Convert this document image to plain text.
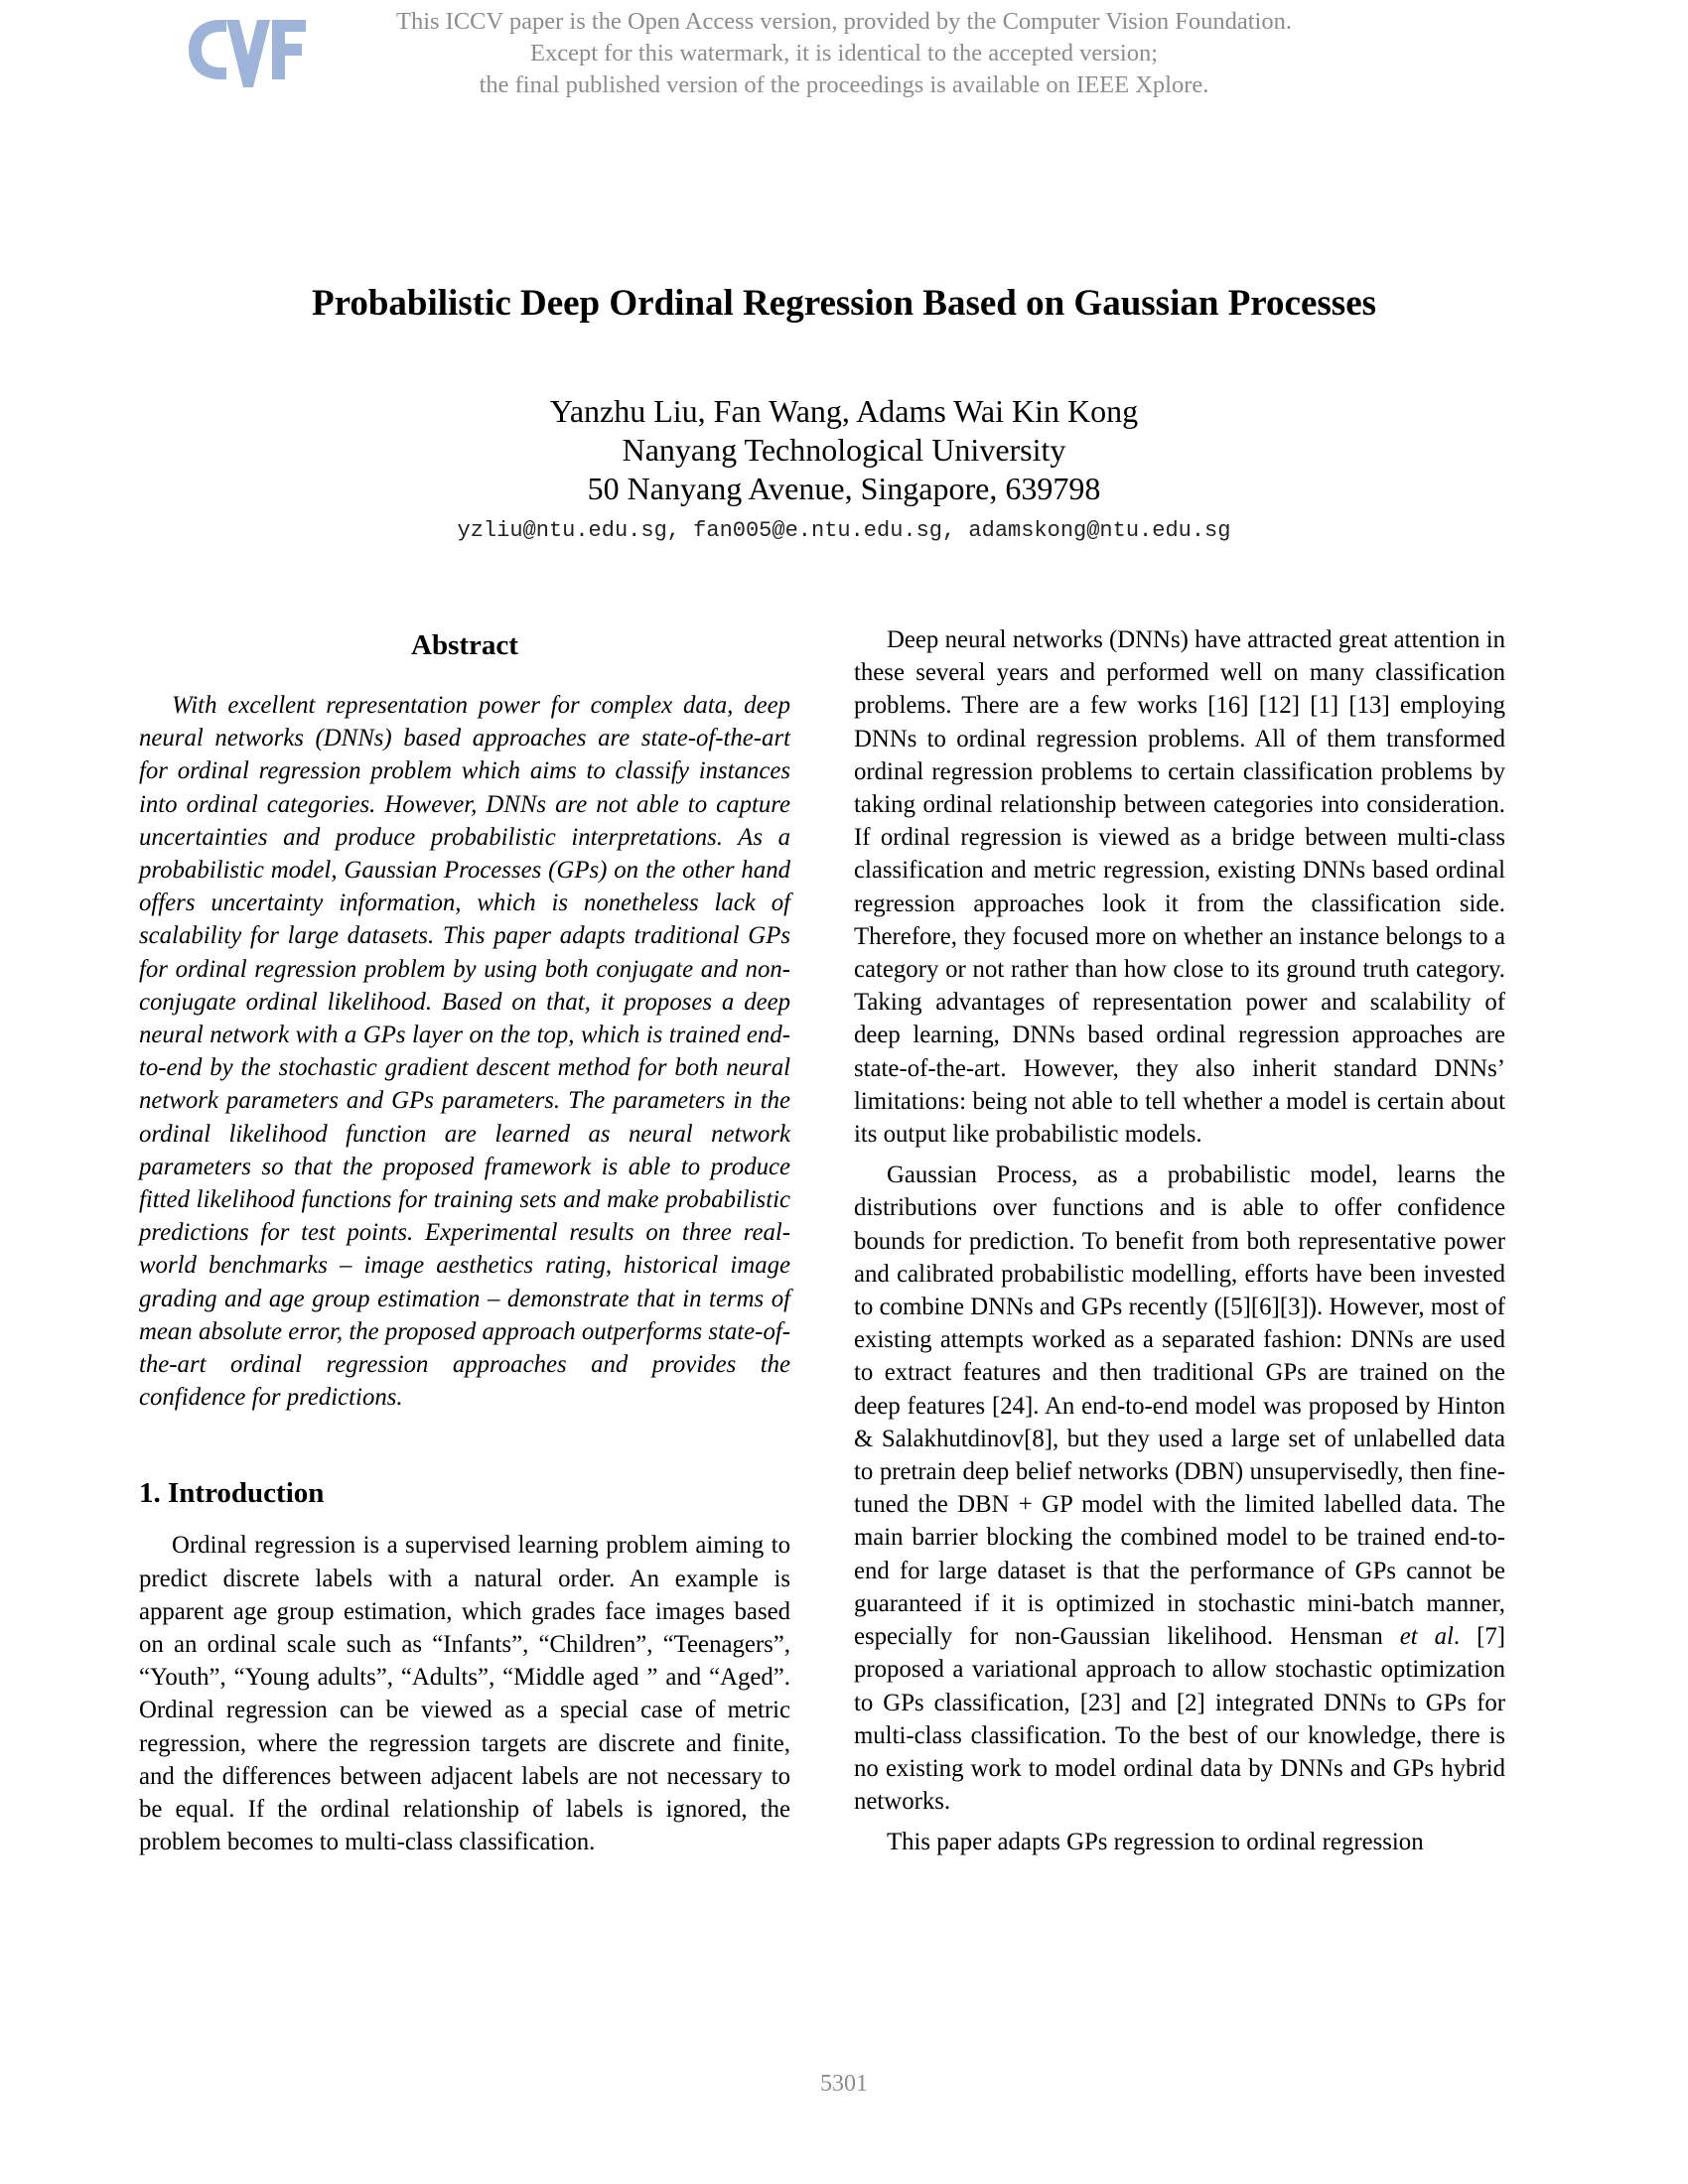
This ICCV paper is the Open Access version, provided by the Computer Vision Foundation.
Except for this watermark, it is identical to the accepted version;
the final published version of the proceedings is available on IEEE Xplore.
Probabilistic Deep Ordinal Regression Based on Gaussian Processes
Yanzhu Liu, Fan Wang, Adams Wai Kin Kong
Nanyang Technological University
50 Nanyang Avenue, Singapore, 639798
yzliu@ntu.edu.sg, fan005@e.ntu.edu.sg, adamskong@ntu.edu.sg
Abstract

With excellent representation power for complex data, deep neural networks (DNNs) based approaches are state-of-the-art for ordinal regression problem which aims to classify instances into ordinal categories. However, DNNs are not able to capture uncertainties and produce probabilistic interpretations. As a probabilistic model, Gaussian Processes (GPs) on the other hand offers uncertainty information, which is nonetheless lack of scalability for large datasets. This paper adapts traditional GPs for ordinal regression problem by using both conjugate and non-conjugate ordinal likelihood. Based on that, it proposes a deep neural network with a GPs layer on the top, which is trained end-to-end by the stochastic gradient descent method for both neural network parameters and GPs parameters. The parameters in the ordinal likelihood function are learned as neural network parameters so that the proposed framework is able to produce fitted likelihood functions for training sets and make probabilistic predictions for test points. Experimental results on three real-world benchmarks – image aesthetics rating, historical image grading and age group estimation – demonstrate that in terms of mean absolute error, the proposed approach outperforms state-of-the-art ordinal regression approaches and provides the confidence for predictions.

1. Introduction

Ordinal regression is a supervised learning problem aiming to predict discrete labels with a natural order. An example is apparent age group estimation, which grades face images based on an ordinal scale such as “Infants”, “Children”, “Teenagers”, “Youth”, “Young adults”, “Adults”, “Middle aged ” and “Aged”. Ordinal regression can be viewed as a special case of metric regression, where the regression targets are discrete and finite, and the differences between adjacent labels are not necessary to be equal. If the ordinal relationship of labels is ignored, the problem becomes to multi-class classification.

Deep neural networks (DNNs) have attracted great attention in these several years and performed well on many classification problems. There are a few works [16] [12] [1] [13] employing DNNs to ordinal regression problems. All of them transformed ordinal regression problems to certain classification problems by taking ordinal relationship between categories into consideration. If ordinal regression is viewed as a bridge between multi-class classification and metric regression, existing DNNs based ordinal regression approaches look it from the classification side. Therefore, they focused more on whether an instance belongs to a category or not rather than how close to its ground truth category. Taking advantages of representation power and scalability of deep learning, DNNs based ordinal regression approaches are state-of-the-art. However, they also inherit standard DNNs’ limitations: being not able to tell whether a model is certain about its output like probabilistic models.

Gaussian Process, as a probabilistic model, learns the distributions over functions and is able to offer confidence bounds for prediction. To benefit from both representative power and calibrated probabilistic modelling, efforts have been invested to combine DNNs and GPs recently ([5][6][3]). However, most of existing attempts worked as a separated fashion: DNNs are used to extract features and then traditional GPs are trained on the deep features [24]. An end-to-end model was proposed by Hinton & Salakhutdinov[8], but they used a large set of unlabelled data to pretrain deep belief networks (DBN) unsupervisedly, then fine-tuned the DBN + GP model with the limited labelled data. The main barrier blocking the combined model to be trained end-to-end for large dataset is that the performance of GPs cannot be guaranteed if it is optimized in stochastic mini-batch manner, especially for non-Gaussian likelihood. Hensman et al. [7] proposed a variational approach to allow stochastic optimization to GPs classification, [23] and [2] integrated DNNs to GPs for multi-class classification. To the best of our knowledge, there is no existing work to model ordinal data by DNNs and GPs hybrid networks.

This paper adapts GPs regression to ordinal regression

5301
